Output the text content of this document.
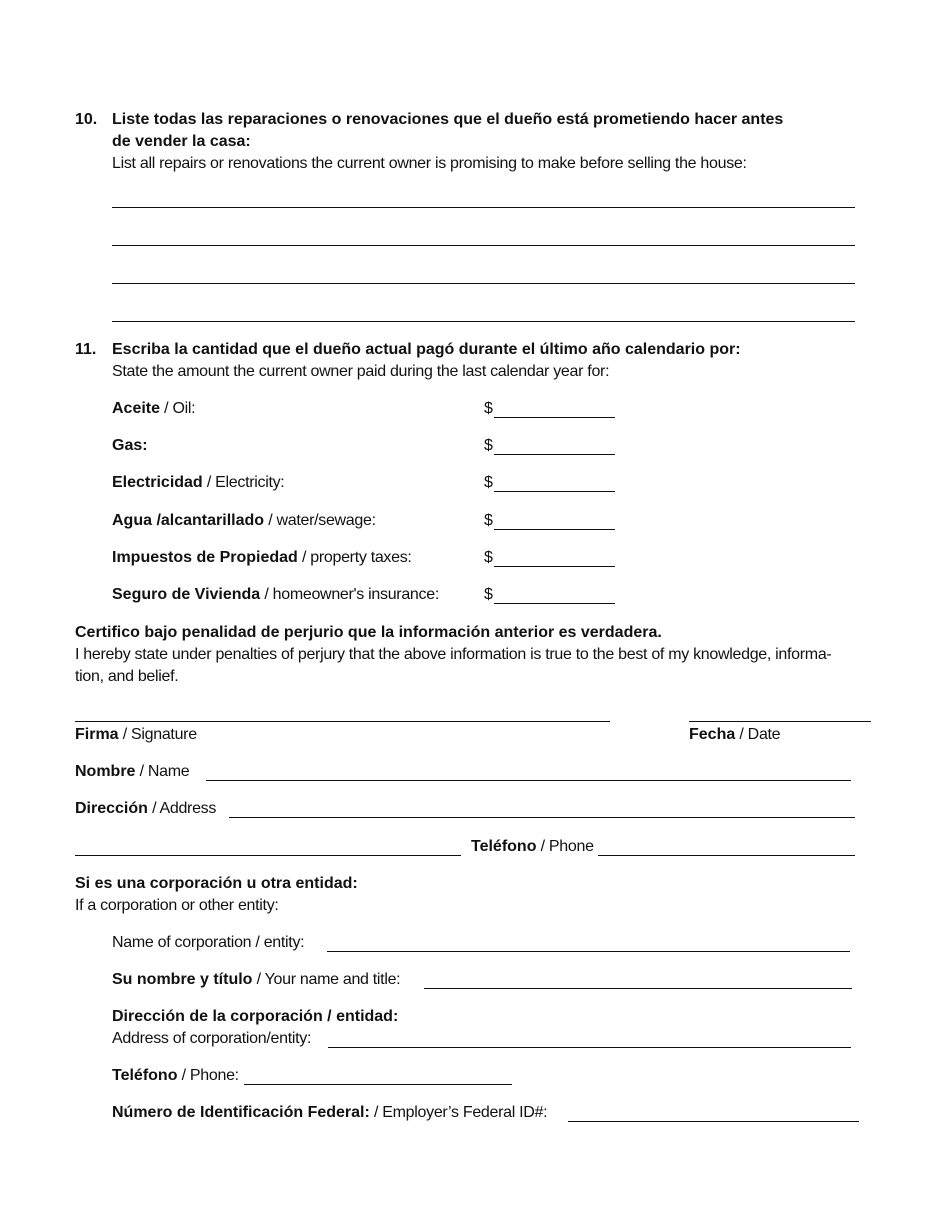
10. Liste todas las reparaciones o renovaciones que el dueño está prometiendo hacer antes
de vender la casa:
List all repairs or renovations the current owner is promising to make before selling the house:
11. Escriba la cantidad que el dueño actual pagó durante el último año calendario por:
State the amount the current owner paid during the last calendar year for:
Aceite / Oil:	$
Gas:	$
Electricidad / Electricity:	$
Agua /alcantarillado / water/sewage:	$
Impuestos de Propiedad / property taxes:	$
Seguro de Vivienda / homeowner's insurance:	$
Certifico bajo penalidad de perjurio que la información anterior es verdadera.
I hereby state under penalties of perjury that the above information is true to the best of my knowledge, informa-
tion, and belief.
Firma / Signature	Fecha / Date
Nombre / Name
Dirección / Address
Teléfono / Phone
Si es una corporación u otra entidad:
If a corporation or other entity:
Name of corporation / entity:
Su nombre y título / Your name and title:
Dirección de la corporación / entidad:
Address of corporation/entity:
Teléfono / Phone:
Número de Identificación Federal: / Employer’s Federal ID#:
